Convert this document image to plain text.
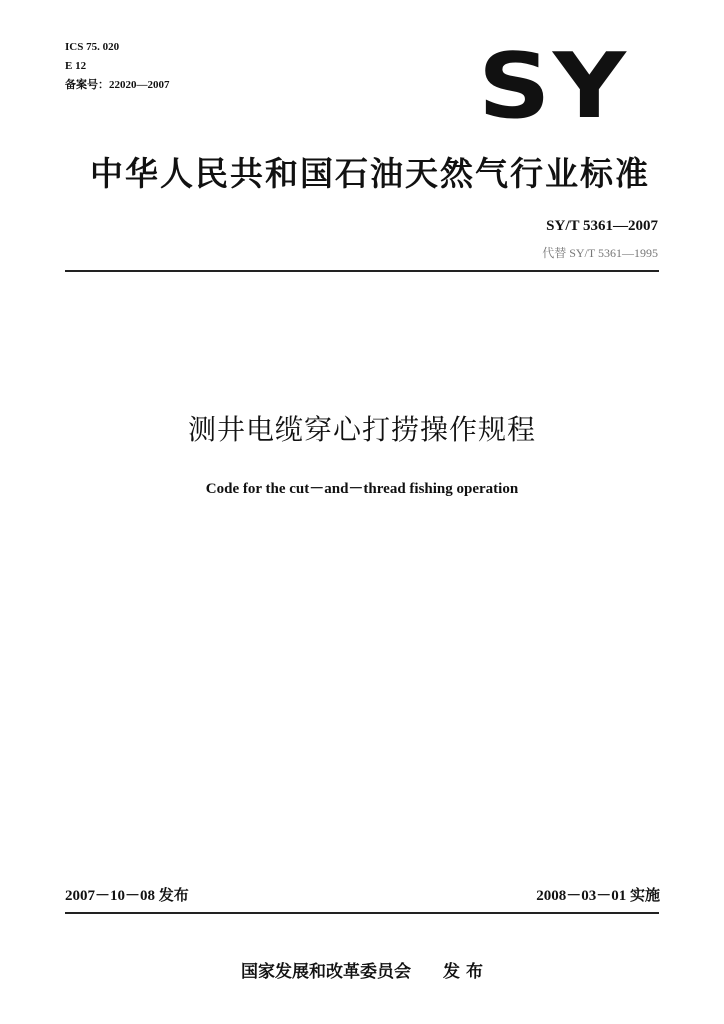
ICS 75. 020
E 12
备案号：22020—2007	SY
中华人民共和国石油天然气行业标准
SY/T 5361—2007
代替 SY/T 5361—1995
测井电缆穿心打捞操作规程
Code for the cut－and－thread fishing operation
2007－10－08 发布	2008－03－01 实施
国家发展和改革委员会 发 布
